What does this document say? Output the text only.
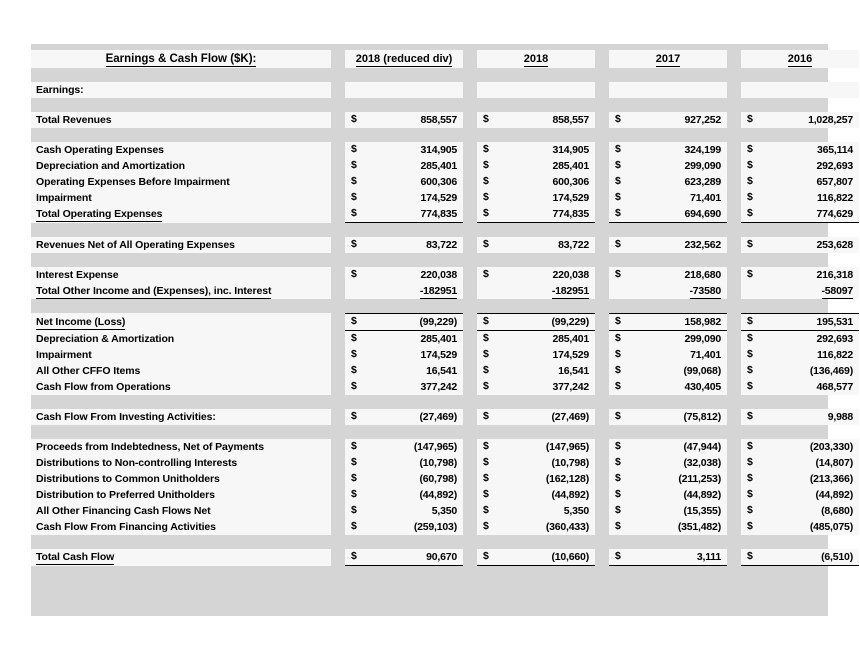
Earnings & Cash Flow ($K):		2018 (reduced div)		2018		2017		2016	

Earnings:									

Total Revenues		$ 858,557		$ 858,557		$ 927,252		$ 1,028,257	

Cash Operating Expenses		$ 314,905		$ 314,905		$ 324,199		$ 365,114	
Depreciation and Amortization		$ 285,401		$ 285,401		$ 299,090		$ 292,693	
Operating Expenses Before Impairment		$ 600,306		$ 600,306		$ 623,289		$ 657,807	
Impairment		$ 174,529		$ 174,529		$ 71,401		$ 116,822	
Total Operating Expenses		$ 774,835		$ 774,835		$ 694,690		$ 774,629	

Revenues Net of All Operating Expenses		$ 83,722		$ 83,722		$ 232,562		$ 253,628	

Interest Expense		$ 220,038		$ 220,038		$ 218,680		$ 216,318	
Total Other Income and (Expenses), inc. Interest		-182951		-182951		-73580		-58097	

Net Income (Loss)		$ (99,229)		$ (99,229)		$ 158,982		$ 195,531	
Depreciation & Amortization		$ 285,401		$ 285,401		$ 299,090		$ 292,693	
Impairment		$ 174,529		$ 174,529		$ 71,401		$ 116,822	
All Other CFFO Items		$ 16,541		$ 16,541		$ (99,068)		$ (136,469)	
Cash Flow from Operations		$ 377,242		$ 377,242		$ 430,405		$ 468,577	

Cash Flow From Investing Activities:		$ (27,469)		$ (27,469)		$ (75,812)		$ 9,988	

Proceeds from Indebtedness, Net of Payments		$ (147,965)		$ (147,965)		$ (47,944)		$ (203,330)	
Distributions to Non-controlling Interests		$ (10,798)		$ (10,798)		$ (32,038)		$ (14,807)	
Distributions to Common Unitholders		$ (60,798)		$ (162,128)		$ (211,253)		$ (213,366)	
Distribution to Preferred Unitholders		$ (44,892)		$ (44,892)		$ (44,892)		$ (44,892)	
All Other Financing Cash Flows Net		$ 5,350		$ 5,350		$ (15,355)		$ (8,680)	
Cash Flow From Financing Activities		$ (259,103)		$ (360,433)		$ (351,482)		$ (485,075)	

Total Cash Flow		$ 90,670		$ (10,660)		$ 3,111		$ (6,510)	
